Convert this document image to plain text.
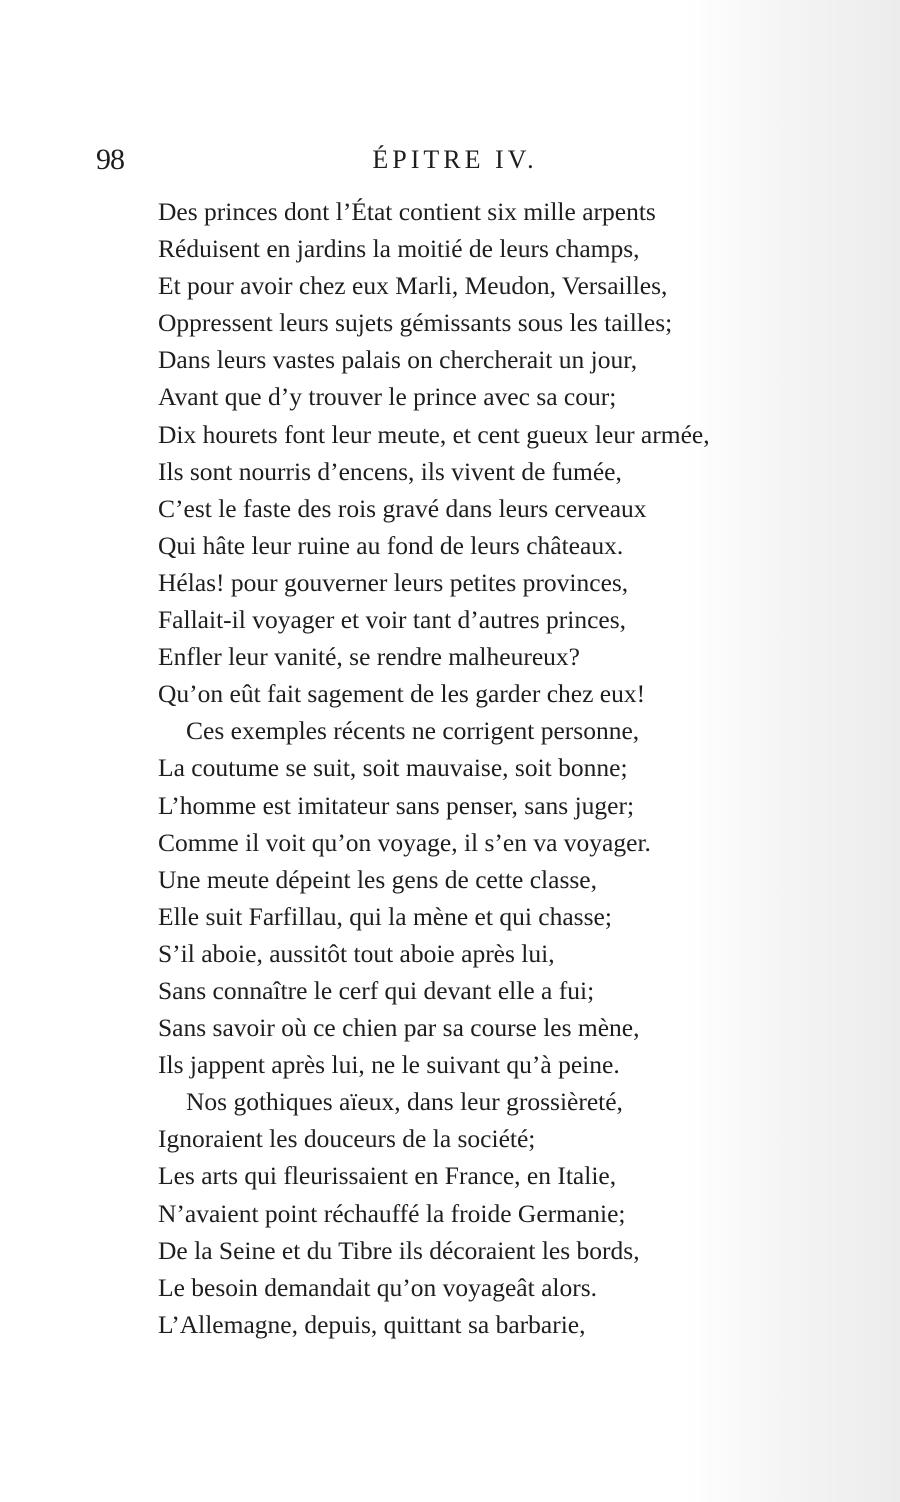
98	ÉPITRE IV.
Des princes dont l’État contient six mille arpents
Réduisent en jardins la moitié de leurs champs,
Et pour avoir chez eux Marli, Meudon, Versailles,
Oppressent leurs sujets gémissants sous les tailles;
Dans leurs vastes palais on chercherait un jour,
Avant que d’y trouver le prince avec sa cour;
Dix hourets font leur meute, et cent gueux leur armée,
Ils sont nourris d’encens, ils vivent de fumée,
C’est le faste des rois gravé dans leurs cerveaux
Qui hâte leur ruine au fond de leurs châteaux.
Hélas! pour gouverner leurs petites provinces,
Fallait-il voyager et voir tant d’autres princes,
Enfler leur vanité, se rendre malheureux?
Qu’on eût fait sagement de les garder chez eux!
Ces exemples récents ne corrigent personne,
La coutume se suit, soit mauvaise, soit bonne;
L’homme est imitateur sans penser, sans juger;
Comme il voit qu’on voyage, il s’en va voyager.
Une meute dépeint les gens de cette classe,
Elle suit Farfillau, qui la mène et qui chasse;
S’il aboie, aussitôt tout aboie après lui,
Sans connaître le cerf qui devant elle a fui;
Sans savoir où ce chien par sa course les mène,
Ils jappent après lui, ne le suivant qu’à peine.
Nos gothiques aïeux, dans leur grossièreté,
Ignoraient les douceurs de la société;
Les arts qui fleurissaient en France, en Italie,
N’avaient point réchauffé la froide Germanie;
De la Seine et du Tibre ils décoraient les bords,
Le besoin demandait qu’on voyageât alors.
L’Allemagne, depuis, quittant sa barbarie,
